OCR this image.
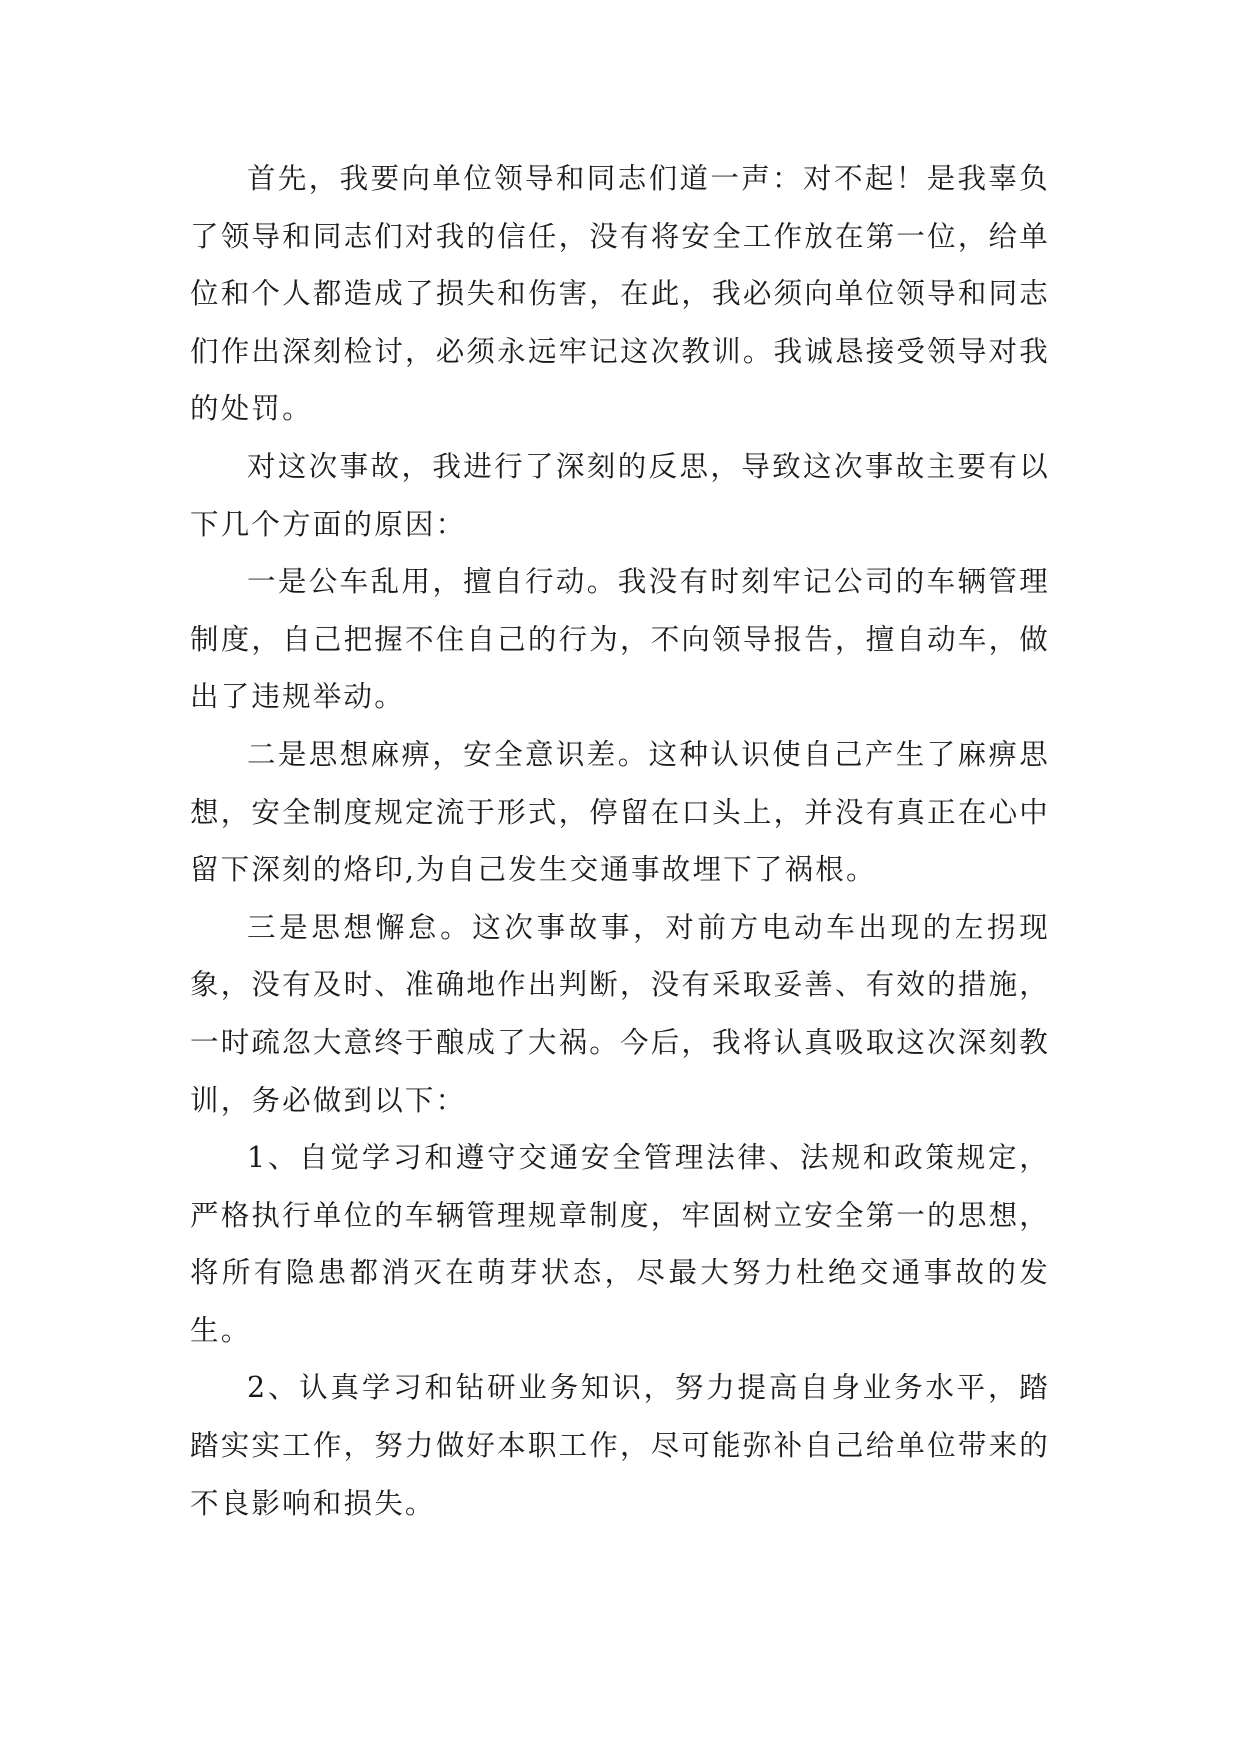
首先，我要向单位领导和同志们道一声：对不起！是我辜负了领导和同志们对我的信任，没有将安全工作放在第一位，给单位和个人都造成了损失和伤害，在此，我必须向单位领导和同志们作出深刻检讨，必须永远牢记这次教训。我诚恳接受领导对我的处罚。

对这次事故，我进行了深刻的反思，导致这次事故主要有以下几个方面的原因：

一是公车乱用，擅自行动。我没有时刻牢记公司的车辆管理制度，自己把握不住自己的行为，不向领导报告，擅自动车，做出了违规举动。

二是思想麻痹，安全意识差。这种认识使自己产生了麻痹思想，安全制度规定流于形式，停留在口头上，并没有真正在心中留下深刻的烙印,为自己发生交通事故埋下了祸根。

三是思想懈怠。这次事故事，对前方电动车出现的左拐现象，没有及时、准确地作出判断，没有采取妥善、有效的措施，一时疏忽大意终于酿成了大祸。今后，我将认真吸取这次深刻教训，务必做到以下：

1、自觉学习和遵守交通安全管理法律、法规和政策规定，严格执行单位的车辆管理规章制度，牢固树立安全第一的思想，将所有隐患都消灭在萌芽状态，尽最大努力杜绝交通事故的发生。

2、认真学习和钻研业务知识，努力提高自身业务水平，踏踏实实工作，努力做好本职工作，尽可能弥补自己给单位带来的不良影响和损失。
